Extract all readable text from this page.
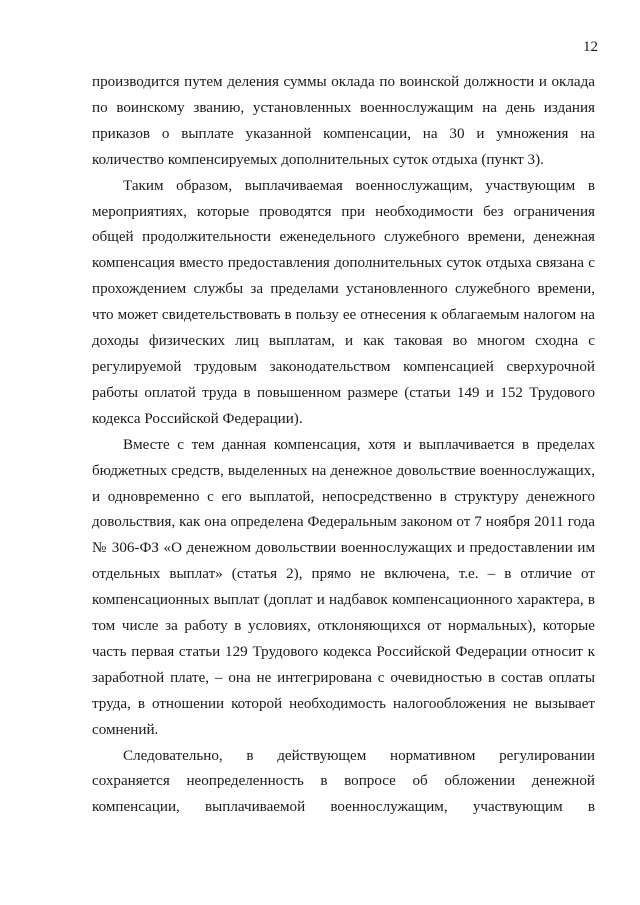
12

производится путем деления суммы оклада по воинской должности и оклада по воинскому званию, установленных военнослужащим на день издания приказов о выплате указанной компенсации, на 30 и умножения на количество компенсируемых дополнительных суток отдыха (пункт 3).

Таким образом, выплачиваемая военнослужащим, участвующим в мероприятиях, которые проводятся при необходимости без ограничения общей продолжительности еженедельного служебного времени, денежная компенсация вместо предоставления дополнительных суток отдыха связана с прохождением службы за пределами установленного служебного времени, что может свидетельствовать в пользу ее отнесения к облагаемым налогом на доходы физических лиц выплатам, и как таковая во многом сходна с регулируемой трудовым законодательством компенсацией сверхурочной работы оплатой труда в повышенном размере (статьи 149 и 152 Трудового кодекса Российской Федерации).

Вместе с тем данная компенсация, хотя и выплачивается в пределах бюджетных средств, выделенных на денежное довольствие военнослужащих, и одновременно с его выплатой, непосредственно в структуру денежного довольствия, как она определена Федеральным законом от 7 ноября 2011 года № 306-ФЗ «О денежном довольствии военнослужащих и предоставлении им отдельных выплат» (статья 2), прямо не включена, т.е. – в отличие от компенсационных выплат (доплат и надбавок компенсационного характера, в том числе за работу в условиях, отклоняющихся от нормальных), которые часть первая статьи 129 Трудового кодекса Российской Федерации относит к заработной плате, – она не интегрирована с очевидностью в состав оплаты труда, в отношении которой необходимость налогообложения не вызывает сомнений.

Следовательно, в действующем нормативном регулировании сохраняется неопределенность в вопросе об обложении денежной компенсации, выплачиваемой военнослужащим, участвующим в
